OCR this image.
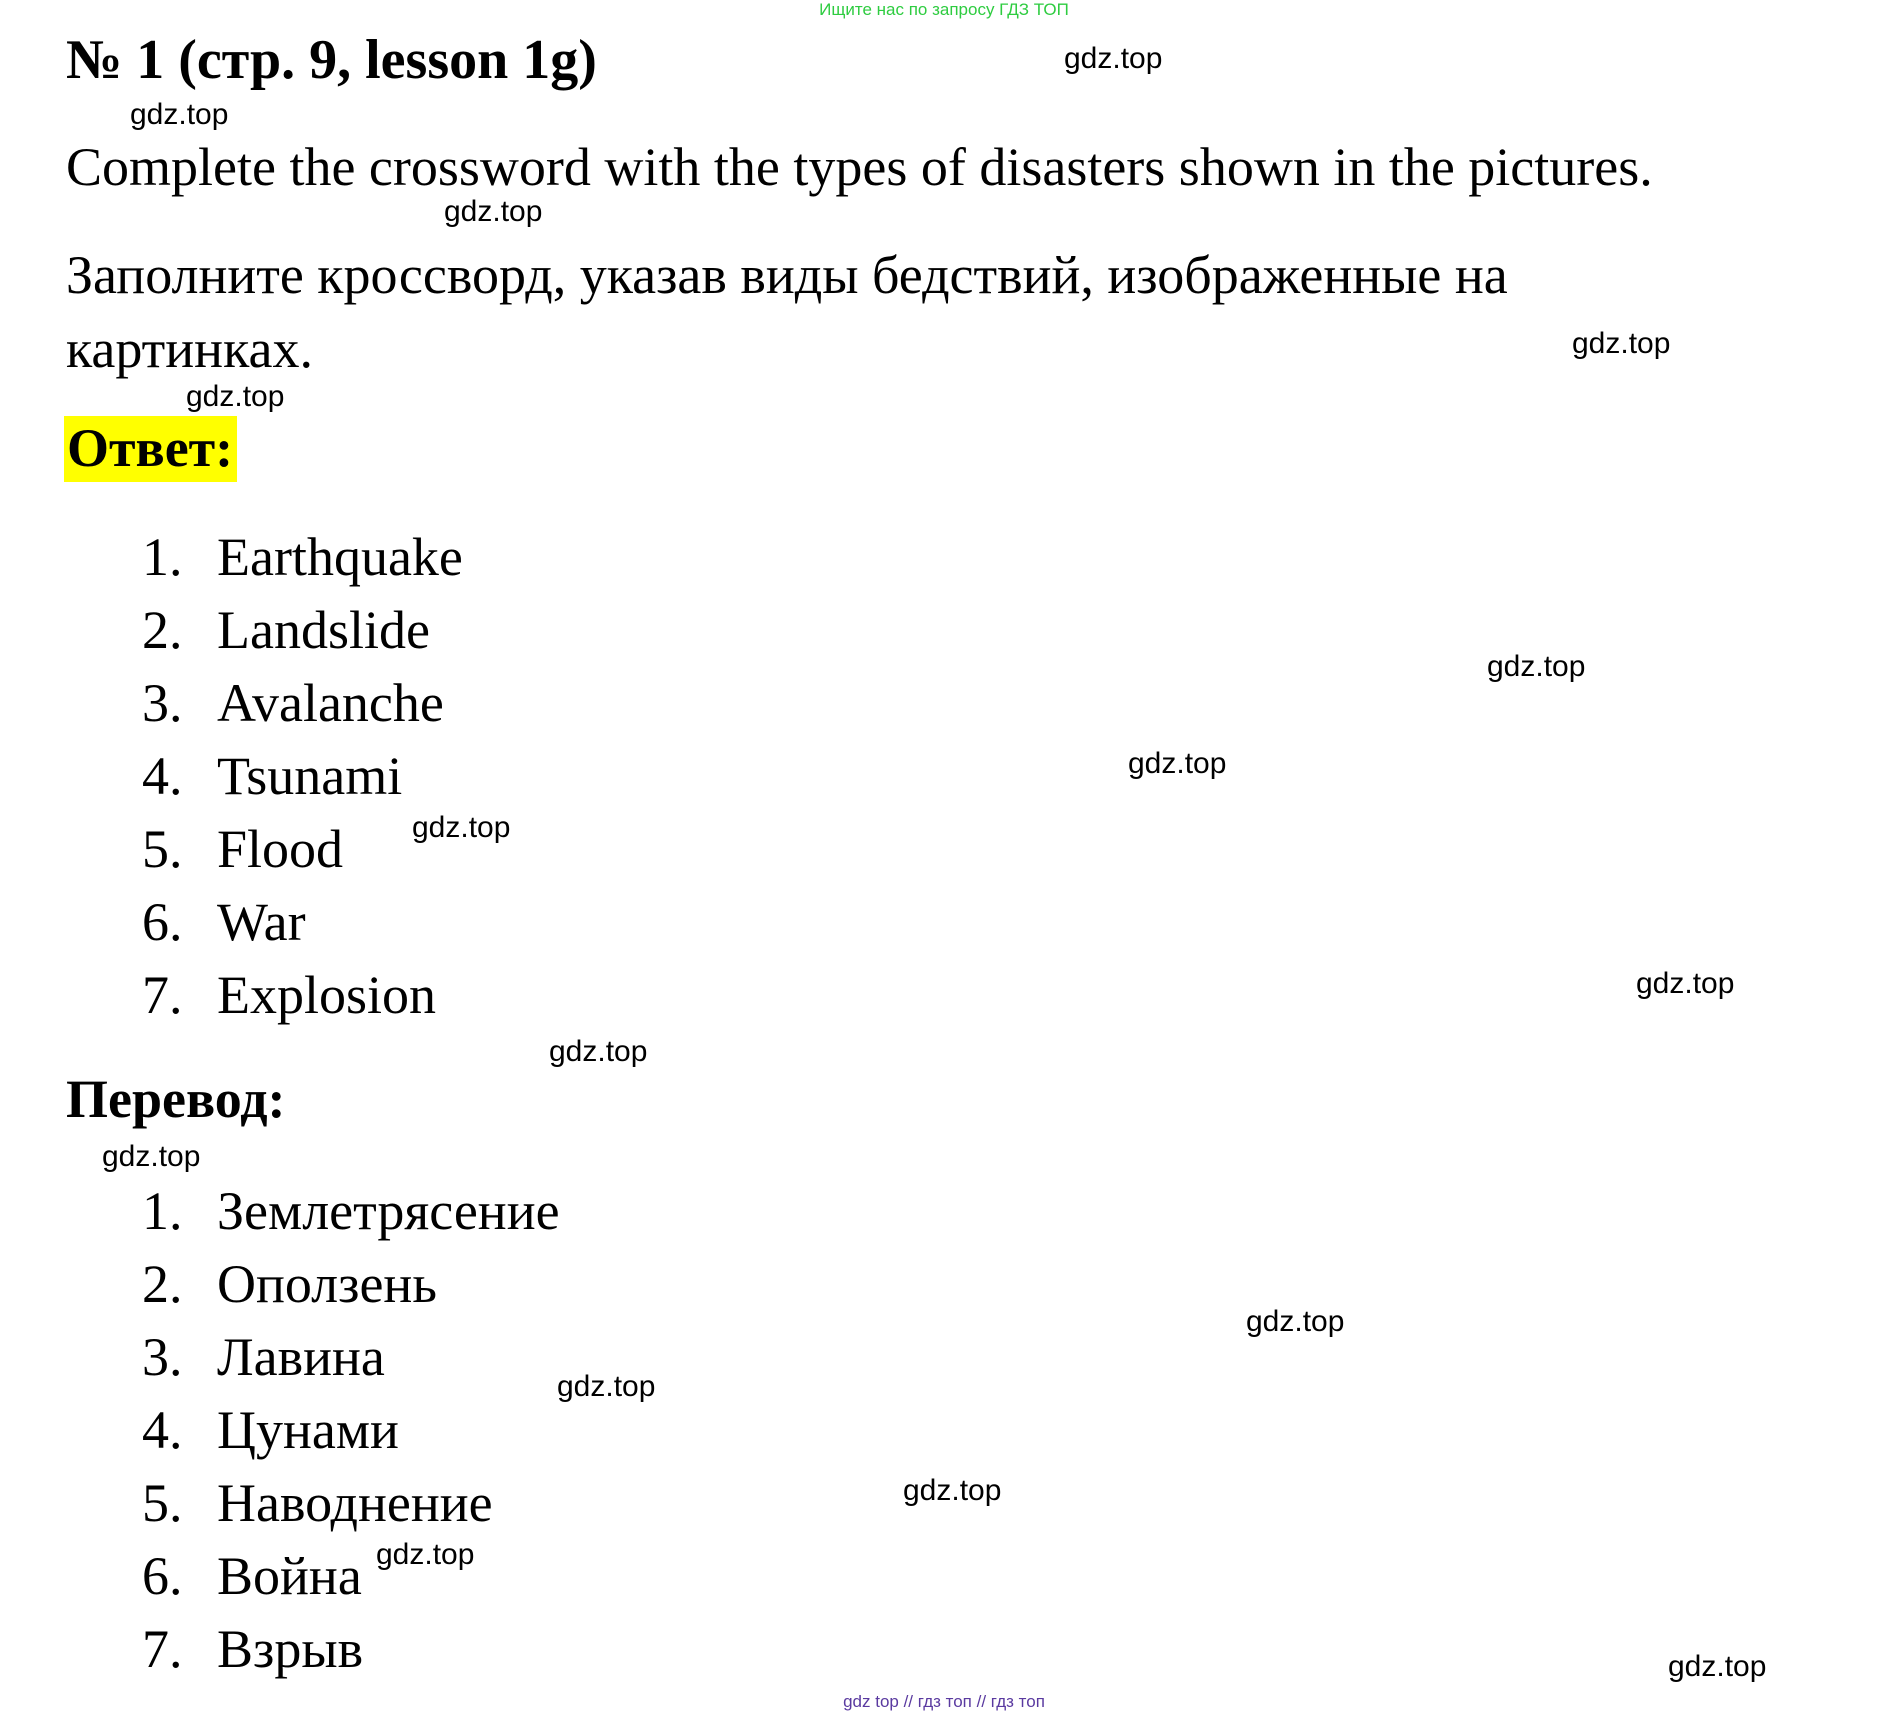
Ищите нас по запросу ГДЗ ТОП
№ 1 (стр. 9, lesson 1g)
Complete the crossword with the types of disasters shown in the pictures.
Заполните кроссворд, указав виды бедствий, изображенные на
картинках.
Ответ:
1. Earthquake
2. Landslide
3. Avalanche
4. Tsunami
5. Flood
6. War
7. Explosion
Перевод:
1. Землетрясение
2. Оползень
3. Лавина
4. Цунами
5. Наводнение
6. Война
7. Взрыв
gdz.top
gdz.top
gdz.top
gdz.top
gdz.top
gdz.top
gdz.top
gdz.top
gdz.top
gdz.top
gdz.top
gdz.top
gdz.top
gdz.top
gdz.top
gdz.top
gdz top // гдз топ // гдз топ
